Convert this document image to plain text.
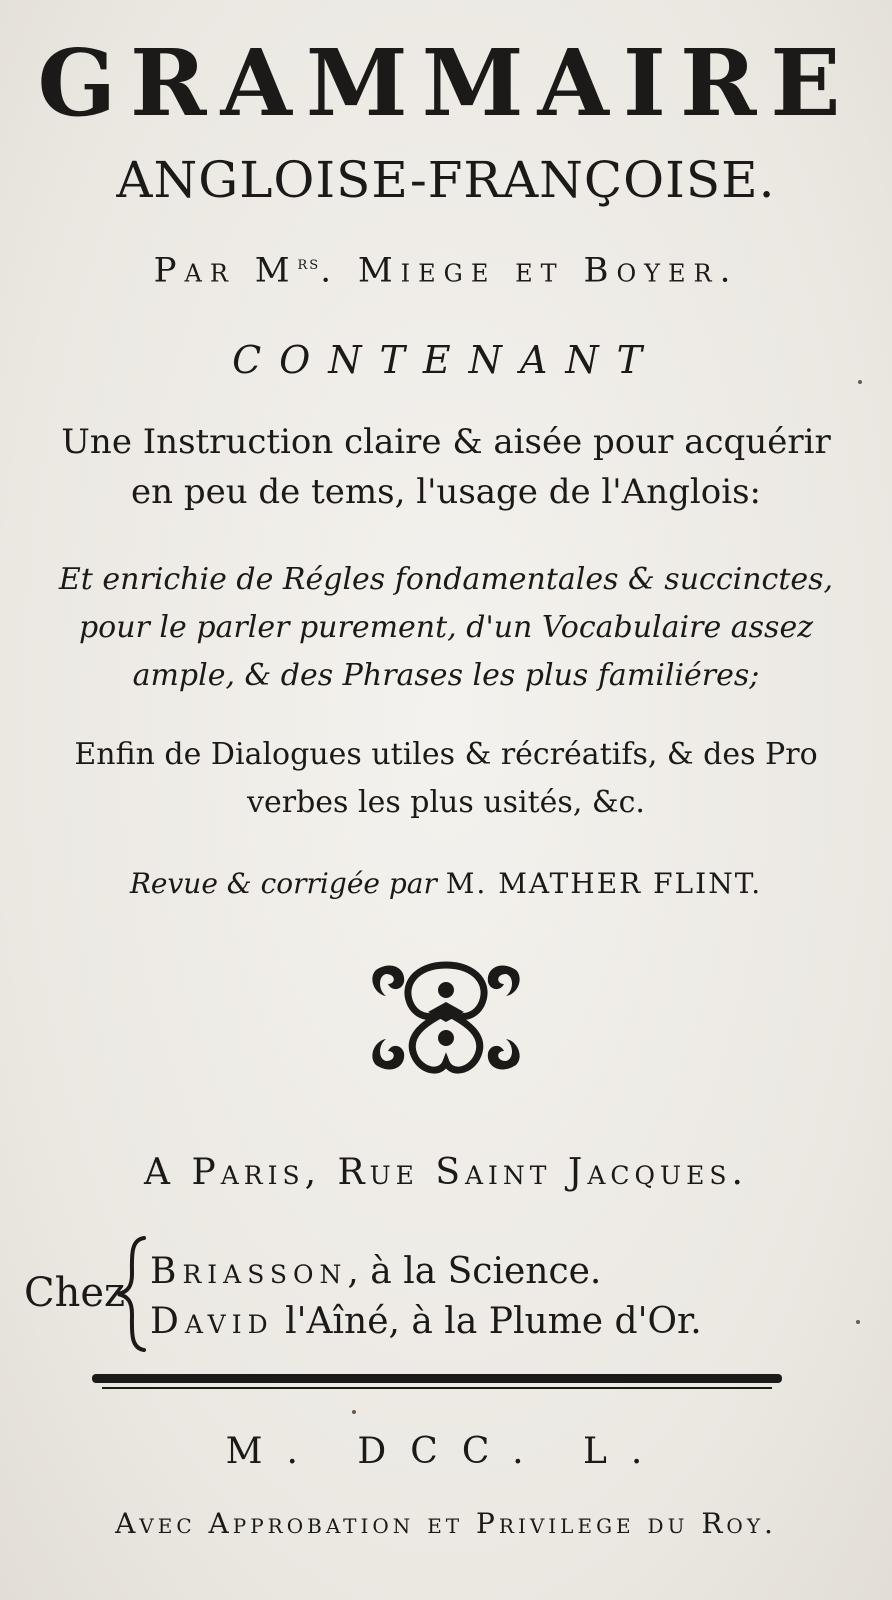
GRAMMAIRE
ANGLOISE-FRANÇOISE.
Par $M^{rs}$. Miege et Boyer.
CONTENANT
Une Instruction claire & aisée pour acquérir
en peu de tems, l'usage de l'Anglois:
Et enrichie de Régles fondamentales & succinctes,
pour le parler purement, d'un Vocabulaire assez
ample, & des Phrases les plus familiéres;
Enfin de Dialogues utiles & récréatifs, & des Pro
verbes les plus usités, &c.
Revue & corrigée par M. MATHER FLINT.
A Paris, Rue Saint Jacques.
Chez Briasson, à la Science.
David l'Aîné, à la Plume d'Or.
M. DCC. L.
Avec Approbation et Privilege du Roy.
